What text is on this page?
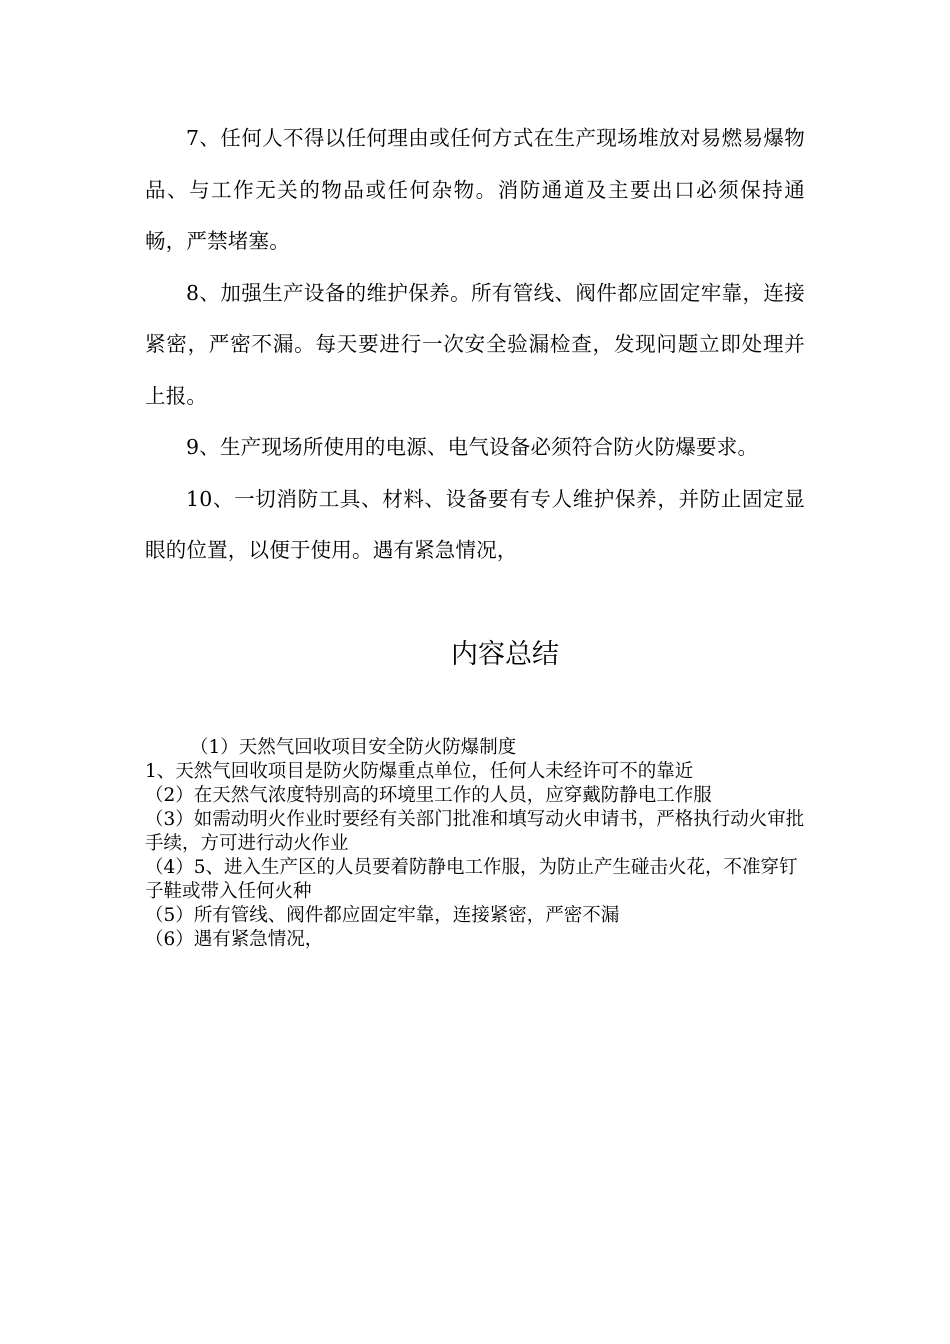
7、任何人不得以任何理由或任何方式在生产现场堆放对易燃易爆物品、与工作无关的物品或任何杂物。消防通道及主要出口必须保持通畅，严禁堵塞。

8、加强生产设备的维护保养。所有管线、阀件都应固定牢靠，连接紧密，严密不漏。每天要进行一次安全验漏检查，发现问题立即处理并上报。

9、生产现场所使用的电源、电气设备必须符合防火防爆要求。

10、一切消防工具、材料、设备要有专人维护保养，并防止固定显眼的位置，以便于使用。遇有紧急情况，

内容总结
（1）天然气回收项目安全防火防爆制度
1、天然气回收项目是防火防爆重点单位，任何人未经许可不的靠近
（2）在天然气浓度特别高的环境里工作的人员，应穿戴防静电工作服
（3）如需动明火作业时要经有关部门批准和填写动火申请书，严格执行动火审批手续，方可进行动火作业
（4）5、进入生产区的人员要着防静电工作服，为防止产生碰击火花，不准穿钉子鞋或带入任何火种
（5）所有管线、阀件都应固定牢靠，连接紧密，严密不漏
（6）遇有紧急情况，
